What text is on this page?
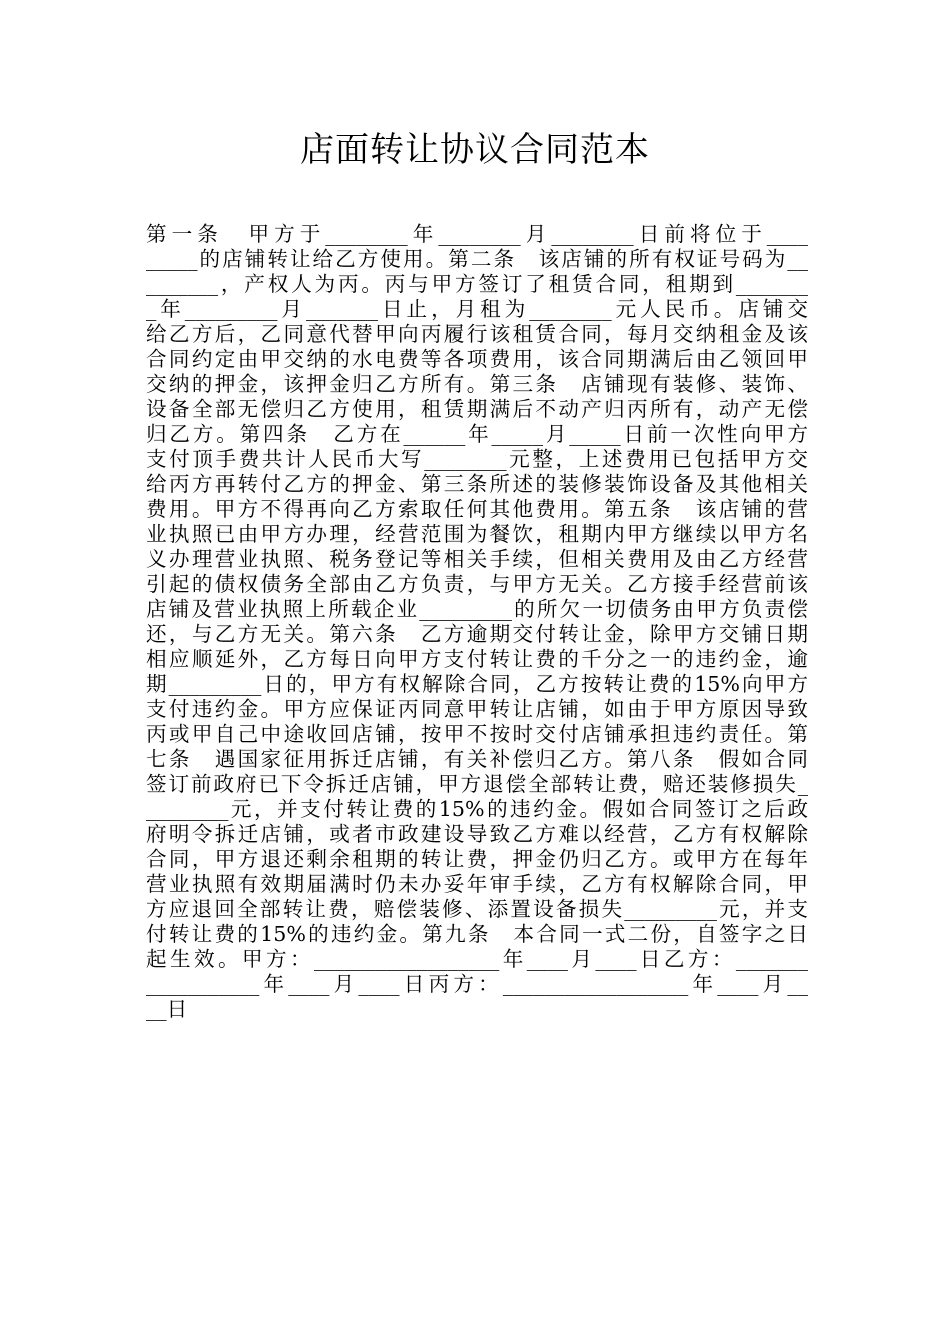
店面转让协议合同范本
第一条　甲方于________年________月________日前将位于____
_____的店铺转让给乙方使用。第二条　该店铺的所有权证号码为__
_______，产权人为丙。丙与甲方签订了租赁合同，租期到_______
_年_________月_______日止，月租为________元人民币。店铺交
给乙方后，乙同意代替甲向丙履行该租赁合同，每月交纳租金及该
合同约定由甲交纳的水电费等各项费用，该合同期满后由乙领回甲
交纳的押金，该押金归乙方所有。第三条　店铺现有装修、装饰、
设备全部无偿归乙方使用，租赁期满后不动产归丙所有，动产无偿
归乙方。第四条　乙方在______年_____月_____日前一次性向甲方
支付顶手费共计人民币大写________元整，上述费用已包括甲方交
给丙方再转付乙方的押金、第三条所述的装修装饰设备及其他相关
费用。甲方不得再向乙方索取任何其他费用。第五条　该店铺的营
业执照已由甲方办理，经营范围为餐饮，租期内甲方继续以甲方名
义办理营业执照、税务登记等相关手续，但相关费用及由乙方经营
引起的债权债务全部由乙方负责，与甲方无关。乙方接手经营前该
店铺及营业执照上所载企业_________的所欠一切债务由甲方负责偿
还，与乙方无关。第六条　乙方逾期交付转让金，除甲方交铺日期
相应顺延外，乙方每日向甲方支付转让费的千分之一的违约金，逾
期_________日的，甲方有权解除合同，乙方按转让费的15%向甲方
支付违约金。甲方应保证丙同意甲转让店铺，如由于甲方原因导致
丙或甲自己中途收回店铺，按甲不按时交付店铺承担违约责任。第
七条　遇国家征用拆迁店铺，有关补偿归乙方。第八条　假如合同
签订前政府已下令拆迁店铺，甲方退偿全部转让费，赔还装修损失_
________元，并支付转让费的15%的违约金。假如合同签订之后政
府明令拆迁店铺，或者市政建设导致乙方难以经营，乙方有权解除
合同，甲方退还剩余租期的转让费，押金仍归乙方。或甲方在每年
营业执照有效期届满时仍未办妥年审手续，乙方有权解除合同，甲
方应退回全部转让费，赔偿装修、添置设备损失_________元，并支
付转让费的15%的违约金。第九条　本合同一式二份，自签字之日
起生效。甲方：__________________年____月____日乙方：_______
___________年____月____日丙方：__________________年____月__
__日
